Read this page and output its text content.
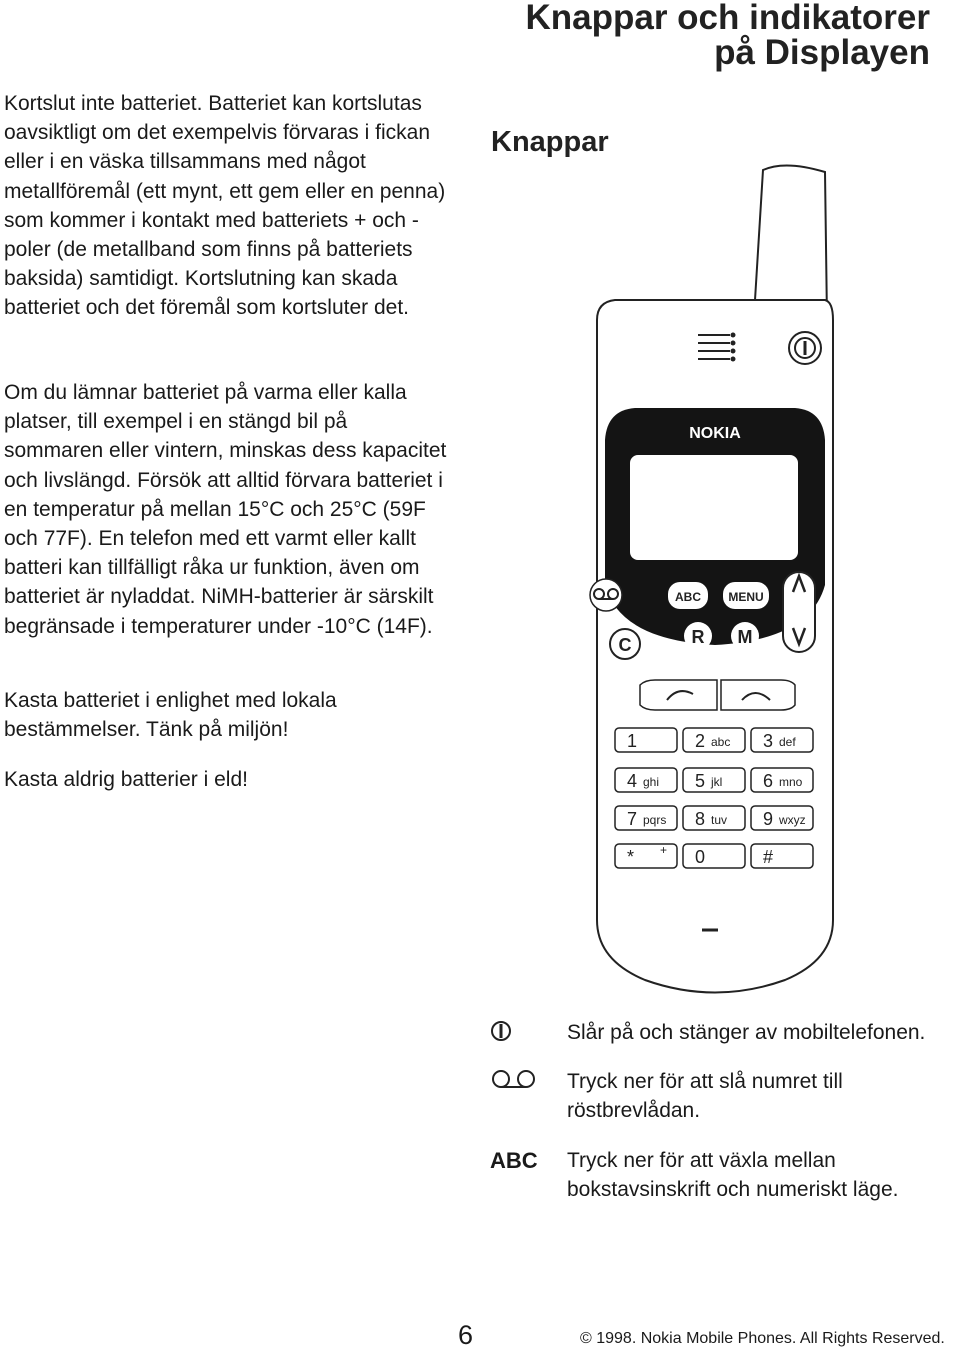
Knappar och indikatorer
på Displayen

Kortslut inte batteriet. Batteriet kan kortslutas oavsiktligt om det exempelvis förvaras i fickan eller i en väska tillsammans med något metallföremål (ett mynt, ett gem eller en penna) som kommer i kontakt med batteriets + och - poler (de metallband som finns på batteriets baksida) samtidigt. Kortslutning kan skada batteriet och det föremål som kortsluter det.

Om du lämnar batteriet på varma eller kalla platser, till exempel i en stängd bil på sommaren eller vintern, minskas dess kapacitet och livslängd. Försök att alltid förvara batteriet i en temperatur på mellan 15°C och 25°C (59F och 77F). En telefon med ett varmt eller kallt batteri kan tillfälligt råka ur funktion, även om batteriet är nyladdat. NiMH-batterier är särskilt begränsade i temperaturer under -10°C (14F).

Kasta batteriet i enlighet med lokala bestämmelser. Tänk på miljön!

Kasta aldrig batterier i eld!

Knappar
NOKIA
ABC MENU
R M
C
1	2 abc 3 def
4 ghi 5 jkl 6 mno
7 pqrs 8 tuv 9 wxyz
* + 0	#
Slår på och stänger av mobiltelefonen.
Tryck ner för att slå numret till röstbrevlådan.
ABC	Tryck ner för att växla mellan bokstavsinskrift och numeriskt läge.
6	© 1998. Nokia Mobile Phones. All Rights Reserved.
